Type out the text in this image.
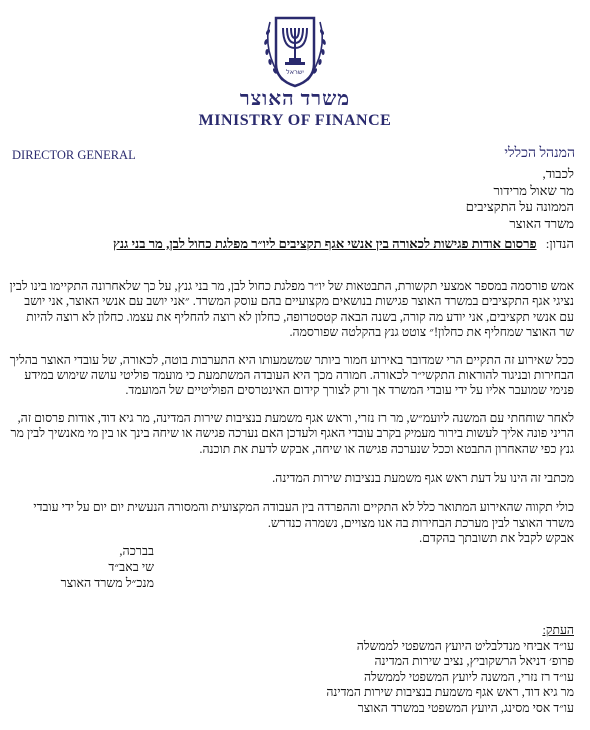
ישראל
משרד האוצר
MINISTRY OF FINANCE
DIRECTOR GENERAL	המנהל הכללי
לכבוד,
מר שאול מרידור
הממונה על התקציבים
משרד האוצר
הנדון: פרסום אודות פגישות לכאורה בין אנשי אגף תקציבים ליו״ר מפלגת כחול לבן, מר בני גנץ

אמש פורסמה במספר אמצעי תקשורת, התבטאות של יו״ר מפלגת כחול לבן, מר בני גנץ, על כך שלאחרונה התקיימו בינו לבין נציגי אגף התקציבים במשרד האוצר פגישות בנושאים מקצועיים בהם עוסק המשרד. ״אני יושב עם אנשי האוצר, אני יושב עם אנשי תקציבים, אני יודע מה קורה, בשנה הבאה קטסטרופה, כחלון לא רוצה להחליף את עצמו. כחלון לא רוצה להיות שר האוצר שמחליף את כחלון!״ צוטט גנץ בהקלטה שפורסמה.

ככל שאירוע זה התקיים הרי שמדובר באירוע חמור ביותר שמשמעותו היא התערבות בוטה, לכאורה, של עובדי האוצר בהליך הבחירות ובניגוד להוראות התקשי״ר לכאורה. חמורה מכך היא העובדה המשתמעת כי מועמד פוליטי עושה שימוש במידע פנימי שמועבר אליו על ידי עובדי המשרד אך ורק לצורך קידום האינטרסים הפוליטיים של המועמד.

לאחר שוחחתי עם המשנה ליועמ״ש, מר רז נזרי, וראש אגף משמעת בנציבות שירות המדינה, מר גיא דוד, אודות פרסום זה, הריני פונה אליך לעשות בירור מעמיק בקרב עובדי האגף ולעדכן האם נערכה פגישה או שיחה בינך או בין מי מאנשיך לבין מר גנץ כפי שהאחרון התבטא וככל שנערכה פגישה או שיחה, אבקש לדעת את תוכנה.

מכתבי זה הינו על דעת ראש אגף משמעת בנציבות שירות המדינה.

כולי תקווה שהאירוע המתואר כלל לא התקיים וההפרדה בין העבודה המקצועית והמסורה הנעשית יום יום על ידי עובדי משרד האוצר לבין מערכת הבחירות בה אנו מצויים, נשמרה כנדרש.

אבקש לקבל את תשובתך בהקדם.

בברכה,
שי באב״ד
מנכ״ל משרד האוצר
העתק:
עו״ד אביחי מנדלבליט היועץ המשפטי לממשלה
פרופ׳ דניאל הרשקוביץ, נציב שירות המדינה
עו״ד רז נזרי, המשנה ליועץ המשפטי לממשלה
מר גיא דוד, ראש אגף משמעת בנציבות שירות המדינה
עו״ד אסי מסינג, היועץ המשפטי במשרד האוצר
